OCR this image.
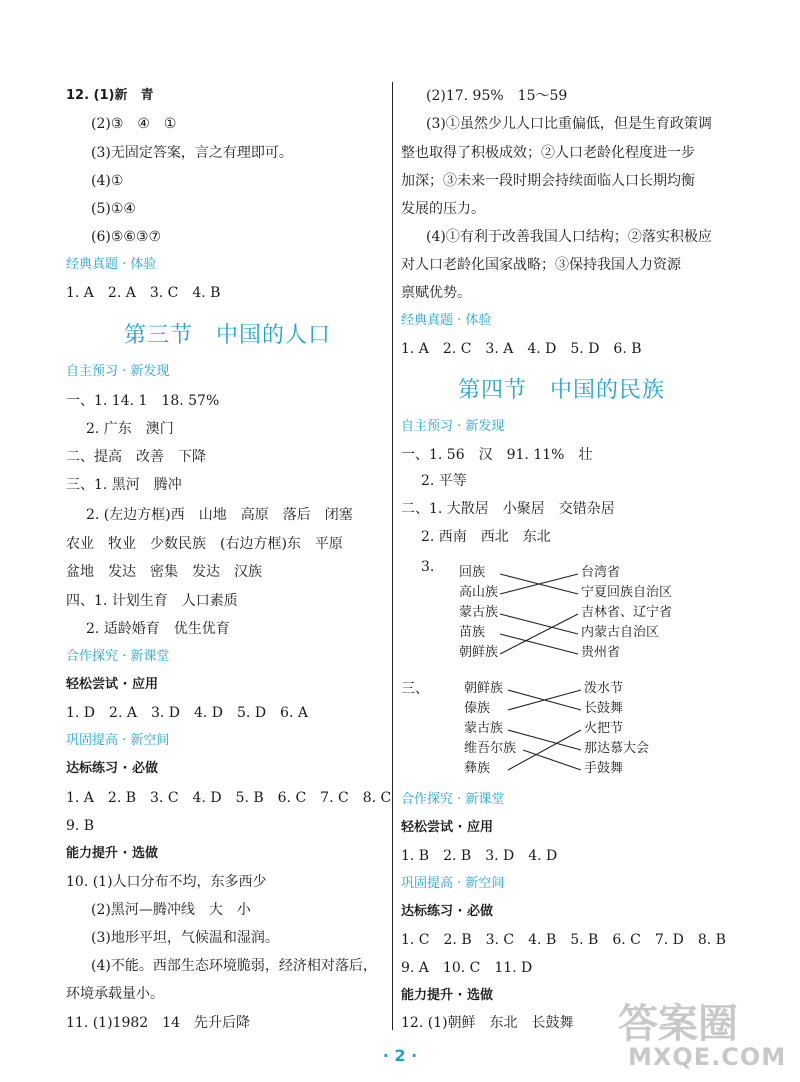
12. (1)新　青
(2)③　④　①
(3)无固定答案，言之有理即可。
(4)①
(5)①④
(6)⑤⑥③⑦
经典真题 · 体验
1. A　2. A　3. C　4. B
第三节　中国的人口
自主预习 · 新发现
一、1. 14. 1　18. 57%
2. 广东　澳门
二、提高　改善　下降
三、1. 黑河　腾冲
2. (左边方框)西　山地　高原　落后　闭塞
农业　牧业　少数民族　(右边方框)东　平原
盆地　发达　密集　发达　汉族
四、1. 计划生育　人口素质
2. 适龄婚育　优生优育
合作探究 · 新课堂
轻松尝试 · 应用
1. D　2. A　3. D　4. D　5. D　6. A
巩固提高 · 新空间
达标练习 · 必做
1. A　2. B　3. C　4. D　5. B　6. C　7. C　8. C
9. B
能力提升 · 选做
10. (1)人口分布不均，东多西少
(2)黑河—腾冲线　大　小
(3)地形平坦，气候温和湿润。
(4)不能。西部生态环境脆弱，经济相对落后，
环境承载量小。
11. (1)1982　14　先升后降
(2)17. 95%　15～59
(3)①虽然少儿人口比重偏低，但是生育政策调
整也取得了积极成效；②人口老龄化程度进一步
加深；③未来一段时期会持续面临人口长期均衡
发展的压力。
(4)①有利于改善我国人口结构；②落实积极应
对人口老龄化国家战略；③保持我国人力资源
禀赋优势。
经典真题 · 体验
1. A　2. C　3. A　4. D　5. D　6. B
第四节　中国的民族
自主预习 · 新发现
一、1. 56　汉　91. 11%　壮
2. 平等
二、1. 大散居　小聚居　交错杂居
2. 西南　西北　东北
3. 回族
高山族
蒙古族
苗族
朝鲜族
台湾省
宁夏回族自治区
吉林省、辽宁省
内蒙古自治区
贵州省
三、	朝鲜族
傣族
蒙古族
维吾尔族
彝族
泼水节
长鼓舞
火把节
那达慕大会
手鼓舞
合作探究 · 新课堂
轻松尝试 · 应用
1. B　2. B　3. D　4. D
巩固提高 · 新空间
达标练习 · 必做
1. C　2. B　3. C　4. B　5. B　6. C　7. D　8. B
9. A　10. C　11. D
能力提升 · 选做
12. (1)朝鲜　东北　长鼓舞
· 2 ·
答案圈
MXQE.COM
